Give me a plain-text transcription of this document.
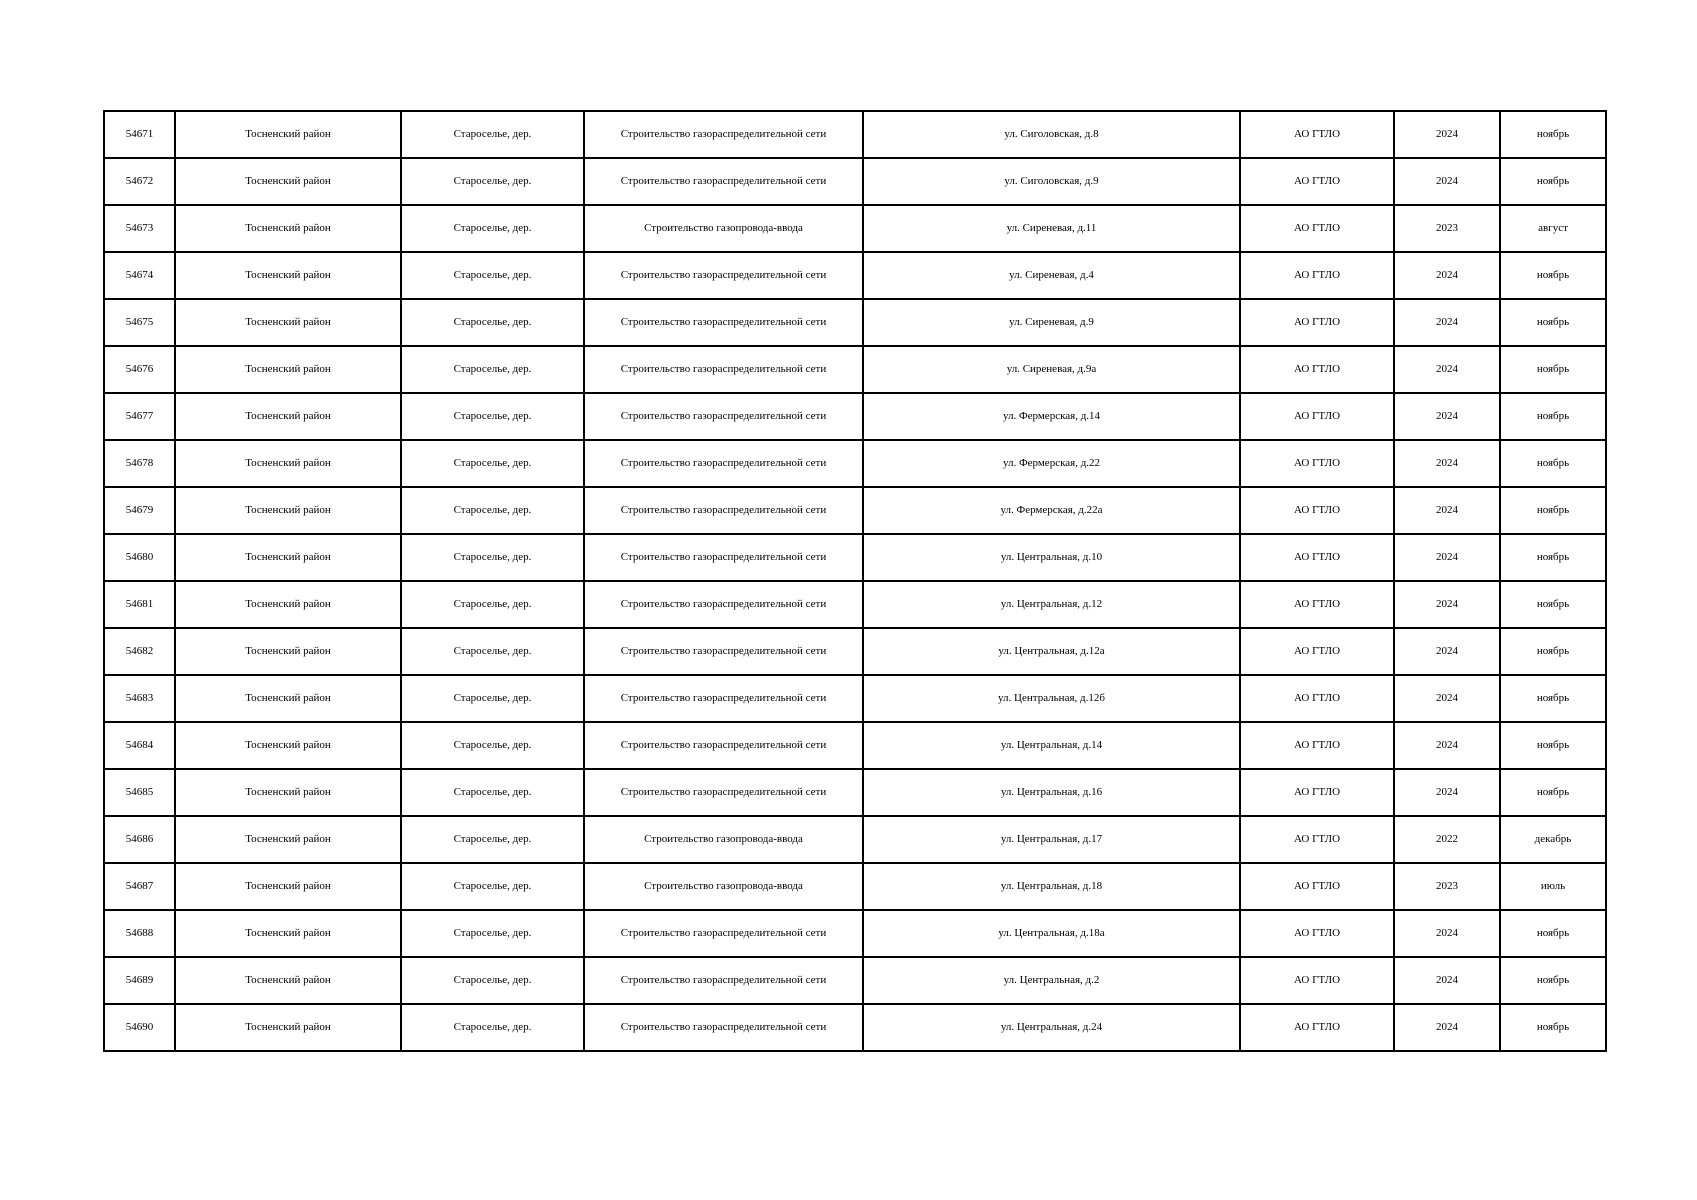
54671	Тосненский район	Староселье, дер.	Строительство газораспределительной сети	ул. Сиголовская, д.8	АО ГТЛО	2024	ноябрь
54672	Тосненский район	Староселье, дер.	Строительство газораспределительной сети	ул. Сиголовская, д.9	АО ГТЛО	2024	ноябрь
54673	Тосненский район	Староселье, дер.	Строительство газопровода-ввода	ул. Сиреневая, д.11	АО ГТЛО	2023	август
54674	Тосненский район	Староселье, дер.	Строительство газораспределительной сети	ул. Сиреневая, д.4	АО ГТЛО	2024	ноябрь
54675	Тосненский район	Староселье, дер.	Строительство газораспределительной сети	ул. Сиреневая, д.9	АО ГТЛО	2024	ноябрь
54676	Тосненский район	Староселье, дер.	Строительство газораспределительной сети	ул. Сиреневая, д.9а	АО ГТЛО	2024	ноябрь
54677	Тосненский район	Староселье, дер.	Строительство газораспределительной сети	ул. Фермерская, д.14	АО ГТЛО	2024	ноябрь
54678	Тосненский район	Староселье, дер.	Строительство газораспределительной сети	ул. Фермерская, д.22	АО ГТЛО	2024	ноябрь
54679	Тосненский район	Староселье, дер.	Строительство газораспределительной сети	ул. Фермерская, д.22а	АО ГТЛО	2024	ноябрь
54680	Тосненский район	Староселье, дер.	Строительство газораспределительной сети	ул. Центральная, д.10	АО ГТЛО	2024	ноябрь
54681	Тосненский район	Староселье, дер.	Строительство газораспределительной сети	ул. Центральная, д.12	АО ГТЛО	2024	ноябрь
54682	Тосненский район	Староселье, дер.	Строительство газораспределительной сети	ул. Центральная, д.12а	АО ГТЛО	2024	ноябрь
54683	Тосненский район	Староселье, дер.	Строительство газораспределительной сети	ул. Центральная, д.12б	АО ГТЛО	2024	ноябрь
54684	Тосненский район	Староселье, дер.	Строительство газораспределительной сети	ул. Центральная, д.14	АО ГТЛО	2024	ноябрь
54685	Тосненский район	Староселье, дер.	Строительство газораспределительной сети	ул. Центральная, д.16	АО ГТЛО	2024	ноябрь
54686	Тосненский район	Староселье, дер.	Строительство газопровода-ввода	ул. Центральная, д.17	АО ГТЛО	2022	декабрь
54687	Тосненский район	Староселье, дер.	Строительство газопровода-ввода	ул. Центральная, д.18	АО ГТЛО	2023	июль
54688	Тосненский район	Староселье, дер.	Строительство газораспределительной сети	ул. Центральная, д.18а	АО ГТЛО	2024	ноябрь
54689	Тосненский район	Староселье, дер.	Строительство газораспределительной сети	ул. Центральная, д.2	АО ГТЛО	2024	ноябрь
54690	Тосненский район	Староселье, дер.	Строительство газораспределительной сети	ул. Центральная, д.24	АО ГТЛО	2024	ноябрь
